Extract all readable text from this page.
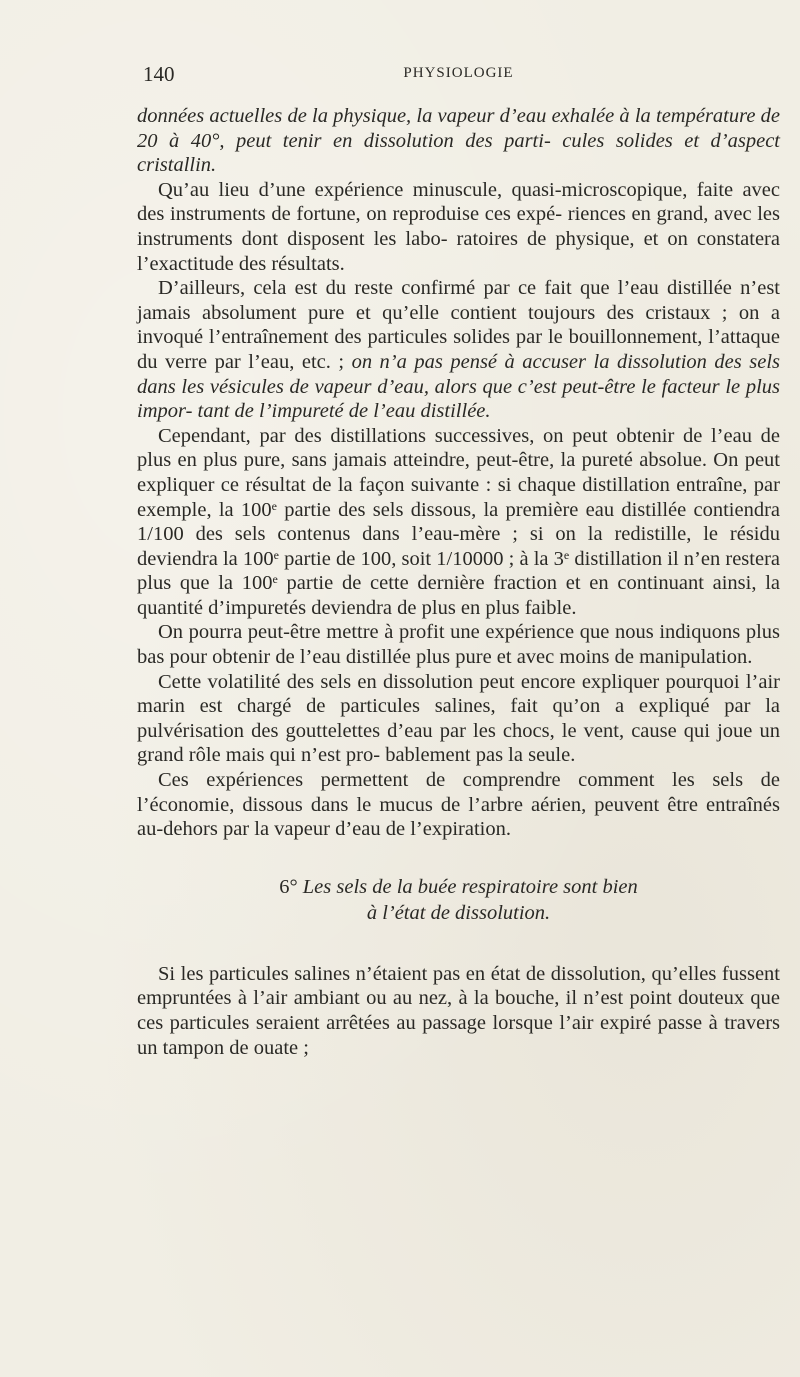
140	PHYSIOLOGIE

données actuelles de la physique, la vapeur d’eau exhalée à la température de 20 à 40°, peut tenir en dissolution des parti- cules solides et d’aspect cristallin.

Qu’au lieu d’une expérience minuscule, quasi-microscopique, faite avec des instruments de fortune, on reproduise ces expé- riences en grand, avec les instruments dont disposent les labo- ratoires de physique, et on constatera l’exactitude des résultats.

D’ailleurs, cela est du reste confirmé par ce fait que l’eau distillée n’est jamais absolument pure et qu’elle contient toujours des cristaux ; on a invoqué l’entraînement des particules solides par le bouillonnement, l’attaque du verre par l’eau, etc. ; on n’a pas pensé à accuser la dissolution des sels dans les vésicules de vapeur d’eau, alors que c’est peut-être le facteur le plus impor- tant de l’impureté de l’eau distillée.

Cependant, par des distillations successives, on peut obtenir de l’eau de plus en plus pure, sans jamais atteindre, peut-être, la pureté absolue. On peut expliquer ce résultat de la façon suivante : si chaque distillation entraîne, par exemple, la 100e partie des sels dissous, la première eau distillée contiendra 1/100 des sels contenus dans l’eau-mère ; si on la redistille, le résidu deviendra la 100e partie de 100, soit 1/10000 ; à la 3e distillation il n’en restera plus que la 100e partie de cette dernière fraction et en continuant ainsi, la quantité d’impuretés deviendra de plus en plus faible.

On pourra peut-être mettre à profit une expérience que nous indiquons plus bas pour obtenir de l’eau distillée plus pure et avec moins de manipulation.

Cette volatilité des sels en dissolution peut encore expliquer pourquoi l’air marin est chargé de particules salines, fait qu’on a expliqué par la pulvérisation des gouttelettes d’eau par les chocs, le vent, cause qui joue un grand rôle mais qui n’est pro- bablement pas la seule.

Ces expériences permettent de comprendre comment les sels de l’économie, dissous dans le mucus de l’arbre aérien, peuvent être entraînés au-dehors par la vapeur d’eau de l’expiration.

6° Les sels de la buée respiratoire sont bien
à l’état de dissolution.

Si les particules salines n’étaient pas en état de dissolution, qu’elles fussent empruntées à l’air ambiant ou au nez, à la bouche, il n’est point douteux que ces particules seraient arrêtées au passage lorsque l’air expiré passe à travers un tampon de ouate ;
